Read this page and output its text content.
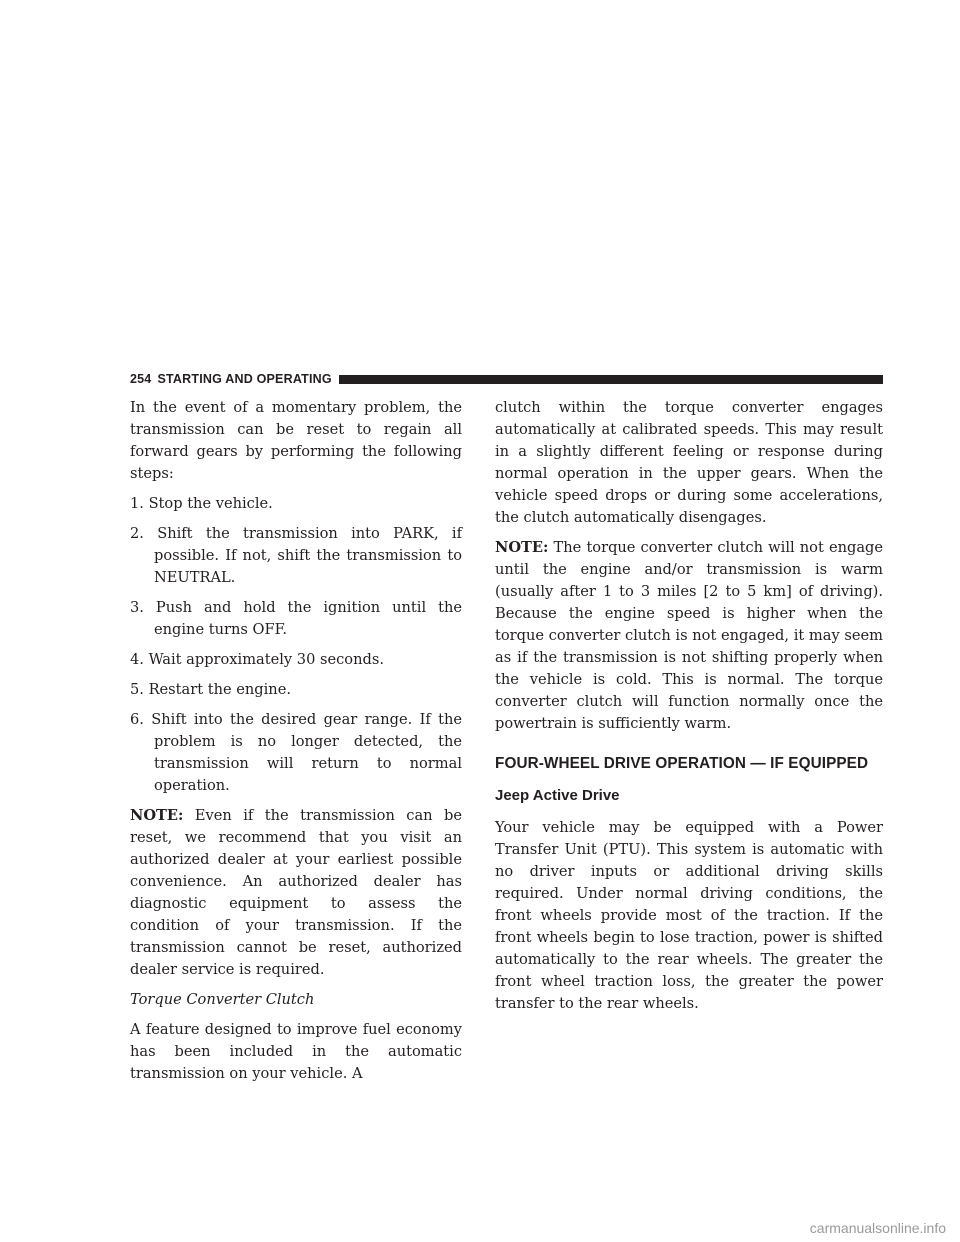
254 STARTING AND OPERATING

In the event of a momentary problem, the transmission can be reset to regain all forward gears by performing the following steps:

1. Stop the vehicle.
2. Shift the transmission into PARK, if possible. If not, shift the transmission to NEUTRAL.
3. Push and hold the ignition until the engine turns OFF.
4. Wait approximately 30 seconds.
5. Restart the engine.
6. Shift into the desired gear range. If the problem is no longer detected, the transmission will return to normal operation.

NOTE: Even if the transmission can be reset, we recommend that you visit an authorized dealer at your earliest possible convenience. An authorized dealer has diagnostic equipment to assess the condition of your transmission. If the transmission cannot be reset, authorized dealer service is required.

Torque Converter Clutch

A feature designed to improve fuel economy has been included in the automatic transmission on your vehicle. A

clutch within the torque converter engages automatically at calibrated speeds. This may result in a slightly different feeling or response during normal operation in the upper gears. When the vehicle speed drops or during some accelerations, the clutch automatically disengages.

NOTE: The torque converter clutch will not engage until the engine and/or transmission is warm (usually after 1 to 3 miles [2 to 5 km] of driving). Because the engine speed is higher when the torque converter clutch is not engaged, it may seem as if the transmission is not shifting properly when the vehicle is cold. This is normal. The torque converter clutch will function normally once the powertrain is sufficiently warm.

FOUR-WHEEL DRIVE OPERATION — IF EQUIPPED
Jeep Active Drive

Your vehicle may be equipped with a Power Transfer Unit (PTU). This system is automatic with no driver inputs or additional driving skills required. Under normal driving conditions, the front wheels provide most of the traction. If the front wheels begin to lose traction, power is shifted automatically to the rear wheels. The greater the front wheel traction loss, the greater the power transfer to the rear wheels.

carmanualsonline.info
